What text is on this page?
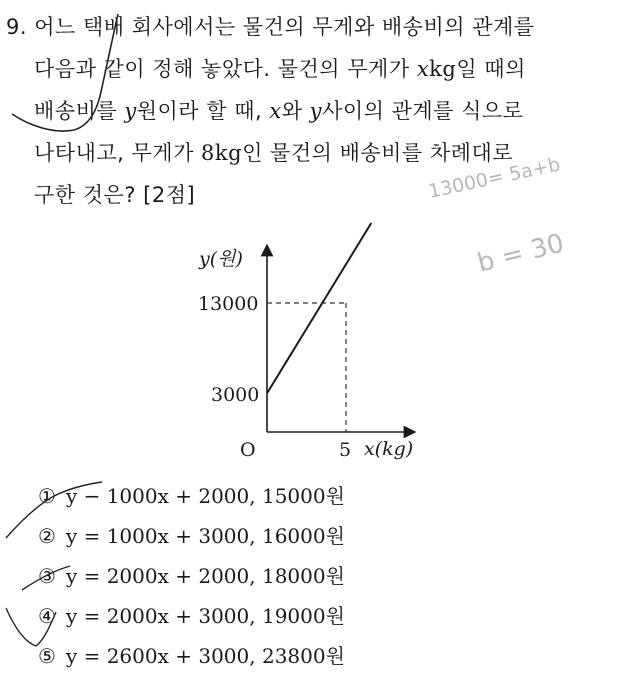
9. 어느 택배 회사에서는 물건의 무게와 배송비의 관계를
다음과 같이 정해 놓았다. 물건의 무게가 xkg일 때의
배송비를 y원이라 할 때, x와 y사이의 관계를 식으로
나타내고, 무게가 8kg인 물건의 배송비를 차례대로
구한 것은? [2점]
y(원)
x(kg)
O	5
13000
3000
① y − 1000x + 2000, 15000원
② y = 1000x + 3000, 16000원
③ y = 2000x + 2000, 18000원
④ y = 2000x + 3000, 19000원
⑤ y = 2600x + 3000, 23800원
13000= 5a+b
b = 30
